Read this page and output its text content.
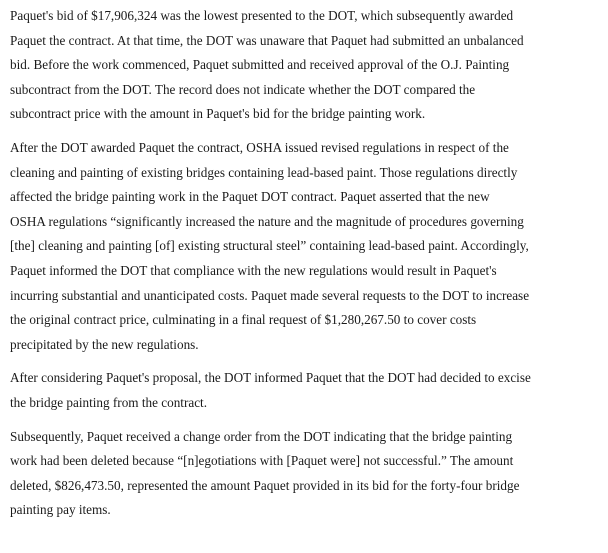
Paquet's bid of $17,906,324 was the lowest presented to the DOT, which subsequently awarded
Paquet the contract. At that time, the DOT was unaware that Paquet had submitted an unbalanced
bid. Before the work commenced, Paquet submitted and received approval of the O.J. Painting
subcontract from the DOT. The record does not indicate whether the DOT compared the
subcontract price with the amount in Paquet's bid for the bridge painting work.
After the DOT awarded Paquet the contract, OSHA issued revised regulations in respect of the
cleaning and painting of existing bridges containing lead-based paint. Those regulations directly
affected the bridge painting work in the Paquet DOT contract. Paquet asserted that the new
OSHA regulations “significantly increased the nature and the magnitude of procedures governing
[the] cleaning and painting [of] existing structural steel” containing lead-based paint. Accordingly,
Paquet informed the DOT that compliance with the new regulations would result in Paquet's
incurring substantial and unanticipated costs. Paquet made several requests to the DOT to increase
the original contract price, culminating in a final request of $1,280,267.50 to cover costs
precipitated by the new regulations.
After considering Paquet's proposal, the DOT informed Paquet that the DOT had decided to excise
the bridge painting from the contract.
Subsequently, Paquet received a change order from the DOT indicating that the bridge painting
work had been deleted because “[n]egotiations with [Paquet were] not successful.” The amount
deleted, $826,473.50, represented the amount Paquet provided in its bid for the forty-four bridge
painting pay items.
